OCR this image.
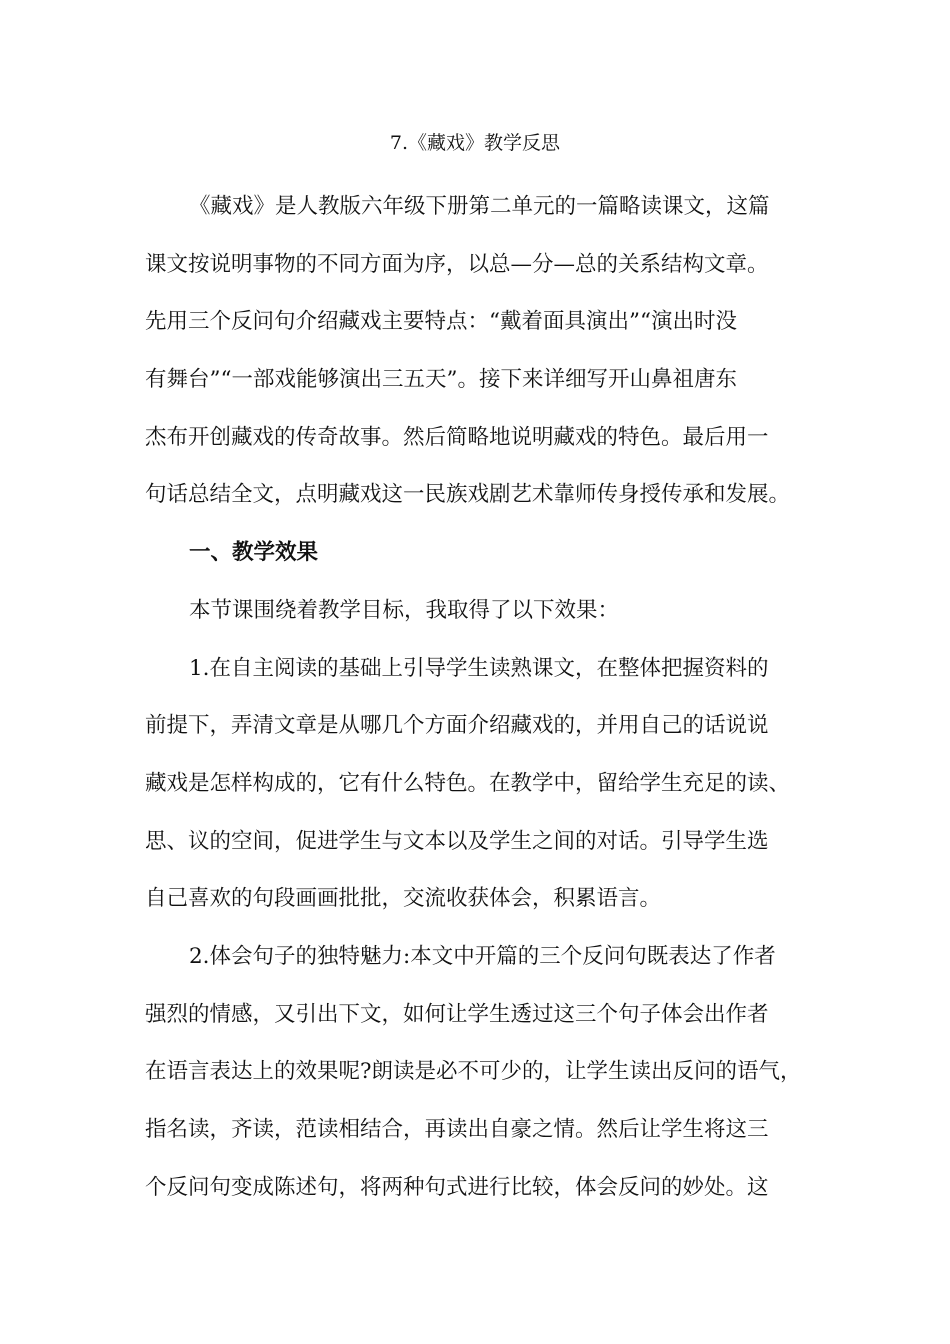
7.《藏戏》教学反思
《藏戏》是人教版六年级下册第二单元的一篇略读课文，这篇
课文按说明事物的不同方面为序，以总—分—总的关系结构文章。
先用三个反问句介绍藏戏主要特点：“戴着面具演出”“演出时没
有舞台”“一部戏能够演出三五天”。接下来详细写开山鼻祖唐东
杰布开创藏戏的传奇故事。然后简略地说明藏戏的特色。最后用一
句话总结全文，点明藏戏这一民族戏剧艺术靠师传身授传承和发展。
一、教学效果
本节课围绕着教学目标，我取得了以下效果：
1.在自主阅读的基础上引导学生读熟课文，在整体把握资料的
前提下，弄清文章是从哪几个方面介绍藏戏的，并用自己的话说说
藏戏是怎样构成的，它有什么特色。在教学中，留给学生充足的读、
思、议的空间，促进学生与文本以及学生之间的对话。引导学生选
自己喜欢的句段画画批批，交流收获体会，积累语言。
2.体会句子的独特魅力:本文中开篇的三个反问句既表达了作者
强烈的情感，又引出下文，如何让学生透过这三个句子体会出作者
在语言表达上的效果呢?朗读是必不可少的，让学生读出反问的语气，
指名读，齐读，范读相结合，再读出自豪之情。然后让学生将这三
个反问句变成陈述句，将两种句式进行比较，体会反问的妙处。这
